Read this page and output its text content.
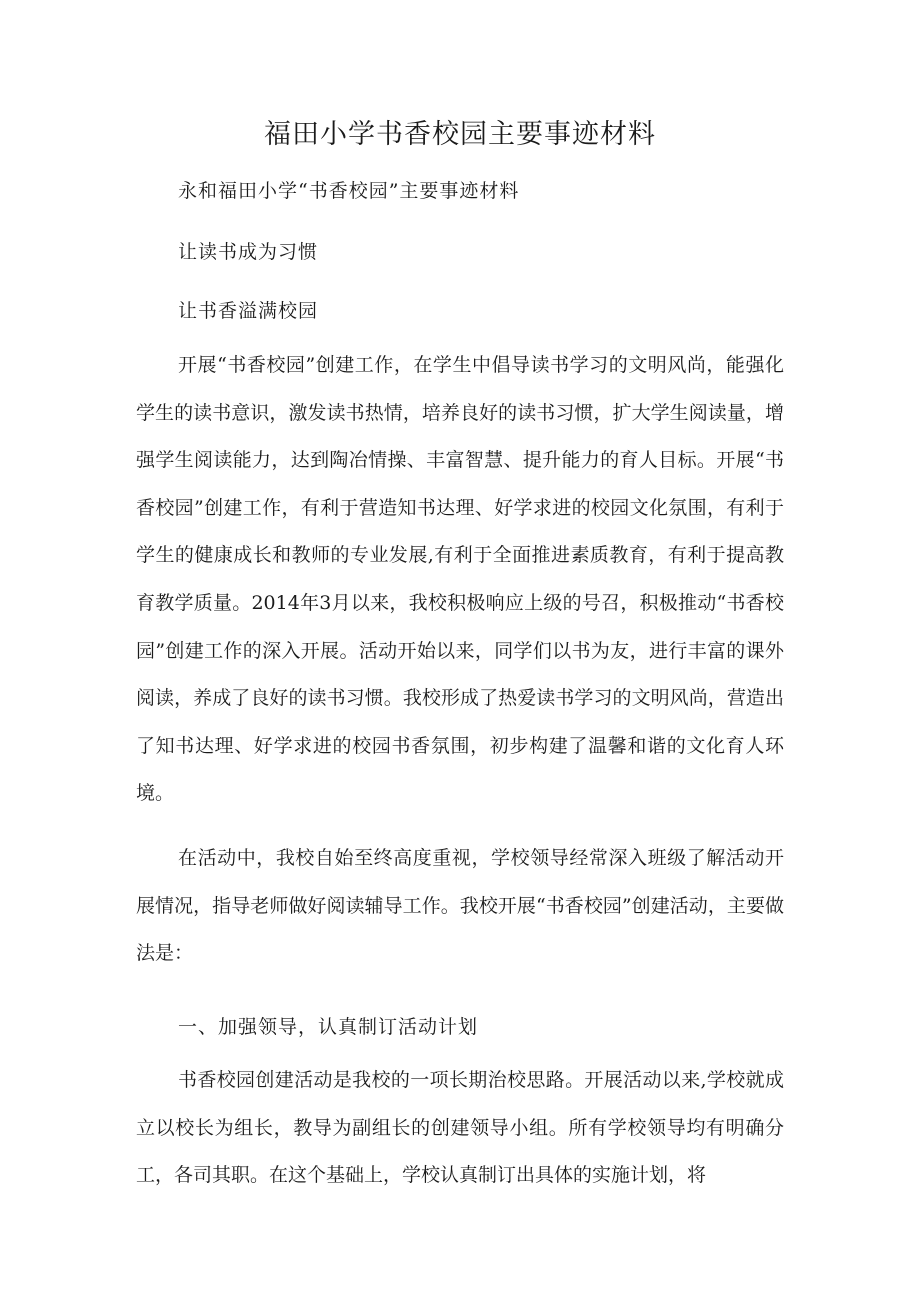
福田小学书香校园主要事迹材料

永和福田小学“书香校园”主要事迹材料

让读书成为习惯

让书香溢满校园

开展“书香校园”创建工作，在学生中倡导读书学习的文明风尚，能强化学生的读书意识，激发读书热情，培养良好的读书习惯，扩大学生阅读量，增强学生阅读能力，达到陶冶情操、丰富智慧、提升能力的育人目标。开展“书香校园”创建工作，有利于营造知书达理、好学求进的校园文化氛围，有利于学生的健康成长和教师的专业发展,有利于全面推进素质教育，有利于提高教育教学质量。2014年3月以来，我校积极响应上级的号召，积极推动“书香校园”创建工作的深入开展。活动开始以来，同学们以书为友，进行丰富的课外阅读，养成了良好的读书习惯。我校形成了热爱读书学习的文明风尚，营造出了知书达理、好学求进的校园书香氛围，初步构建了温馨和谐的文化育人环境。

在活动中，我校自始至终高度重视，学校领导经常深入班级了解活动开展情况，指导老师做好阅读辅导工作。我校开展“书香校园”创建活动，主要做法是：

一、加强领导，认真制订活动计划

书香校园创建活动是我校的一项长期治校思路。开展活动以来,学校就成立以校长为组长，教导为副组长的创建领导小组。所有学校领导均有明确分工，各司其职。在这个基础上，学校认真制订出具体的实施计划，将
